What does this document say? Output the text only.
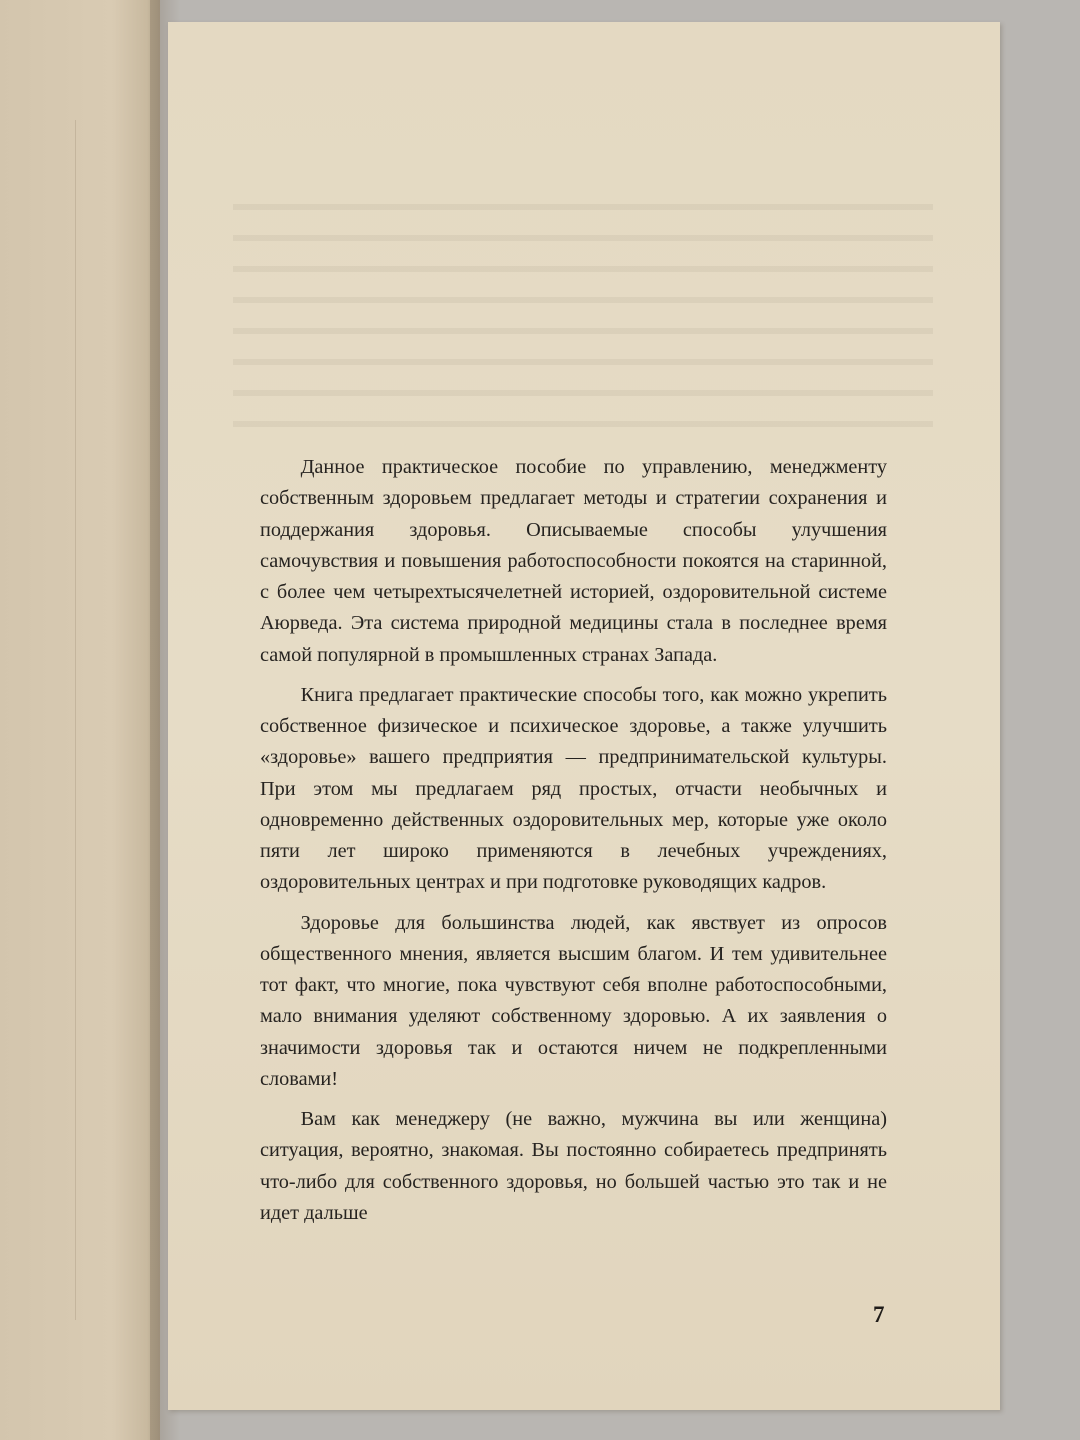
Данное практическое пособие по управлению, менеджменту собственным здоровьем предлагает методы и стратегии сохранения и поддержания здоровья. Описываемые способы улучшения самочувствия и повышения работоспособности покоятся на старинной, с более чем четырехтысячелетней историей, оздоровительной системе Аюрведа. Эта система природной медицины стала в последнее время самой популярной в промышленных странах Запада.

Книга предлагает практические способы того, как можно укрепить собственное физическое и психическое здоровье, а также улучшить «здоровье» вашего предприятия — предпринимательской культуры. При этом мы предлагаем ряд простых, отчасти необычных и одновременно действенных оздоровительных мер, которые уже около пяти лет широко применяются в лечебных учреждениях, оздоровительных центрах и при подготовке руководящих кадров.

Здоровье для большинства людей, как явствует из опросов общественного мнения, является высшим благом. И тем удивительнее тот факт, что многие, пока чувствуют себя вполне работоспособными, мало внимания уделяют собственному здоровью. А их заявления о значимости здоровья так и остаются ничем не подкрепленными словами!

Вам как менеджеру (не важно, мужчина вы или женщина) ситуация, вероятно, знакомая. Вы постоянно собираетесь предпринять что-либо для собственного здоровья, но большей частью это так и не идет дальше

7
